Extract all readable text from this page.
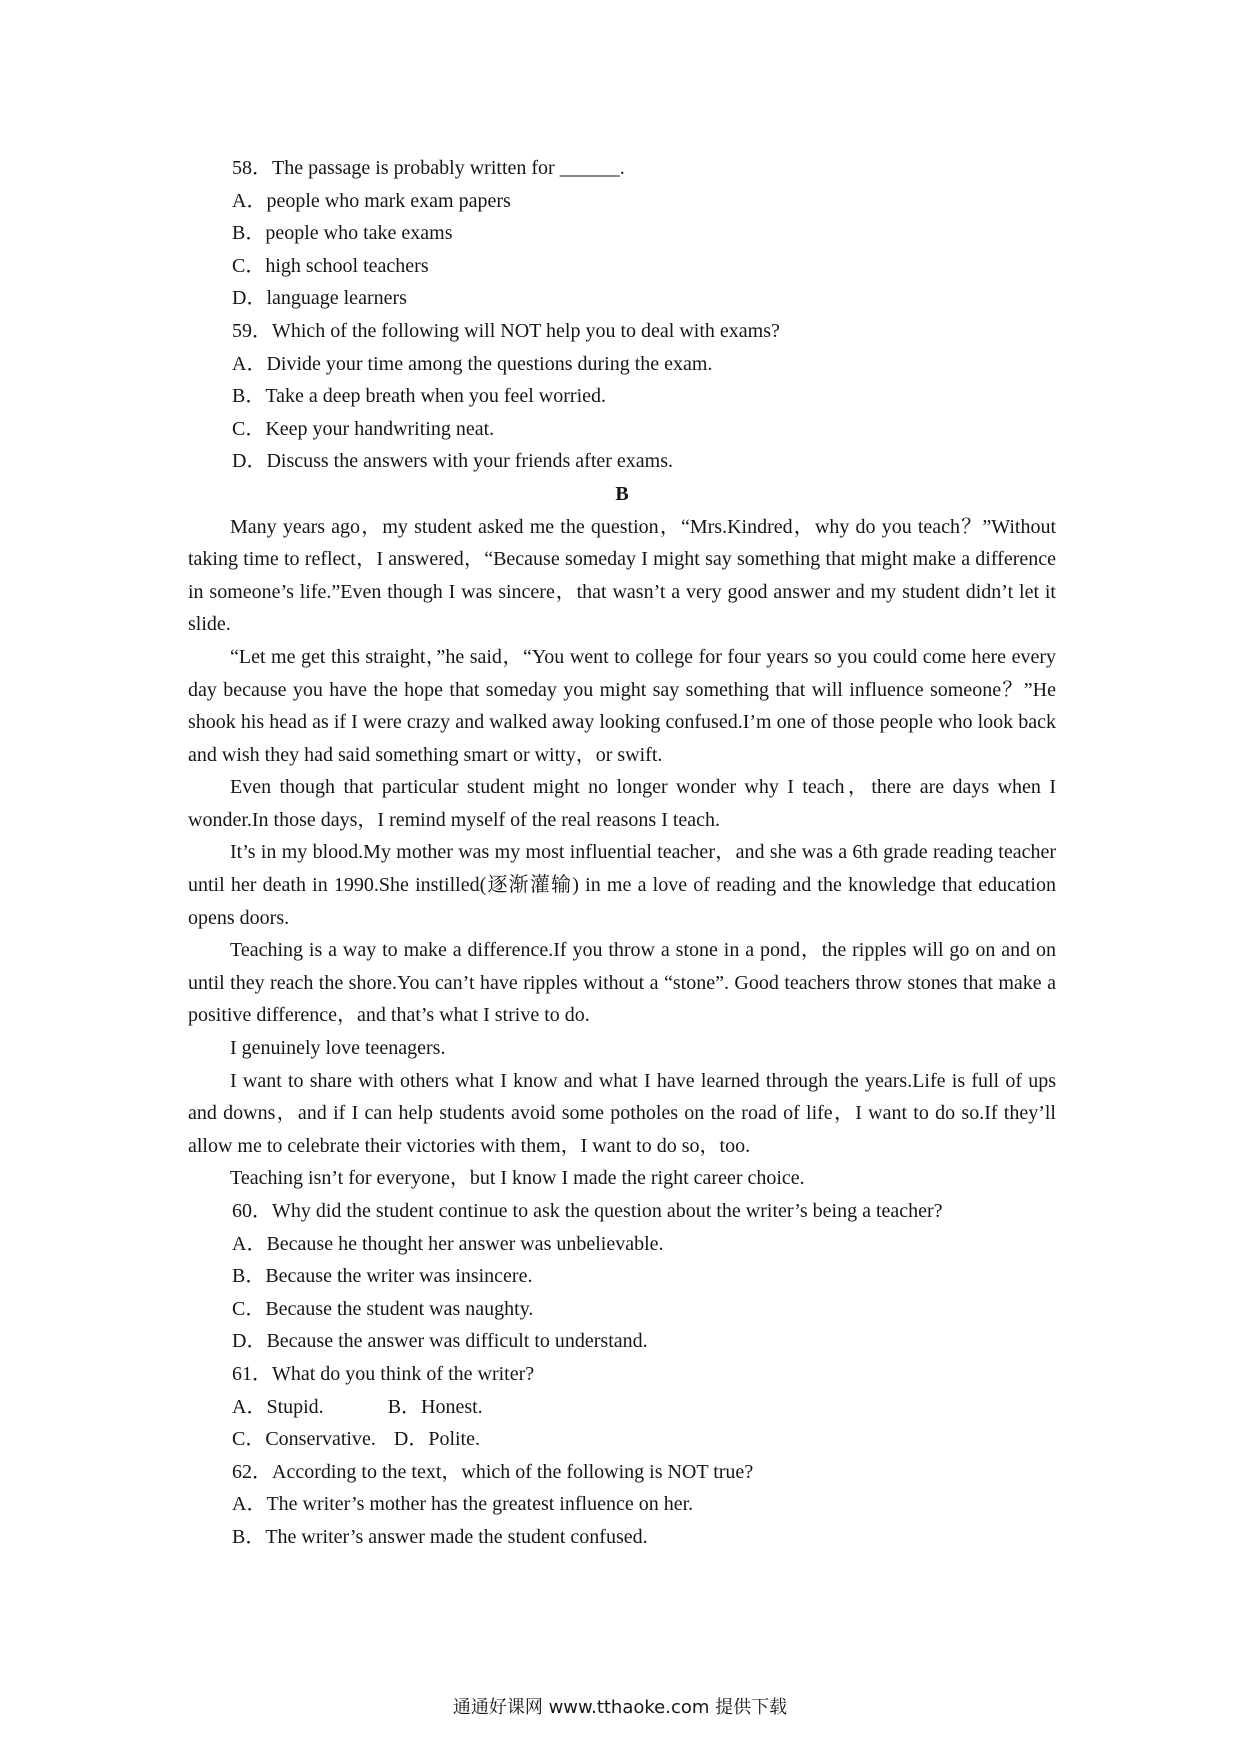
58．The passage is probably written for ______.
A．people who mark exam papers
B．people who take exams
C．high school teachers
D．language learners
59．Which of the following will NOT help you to deal with exams?
A．Divide your time among the questions during the exam.
B．Take a deep breath when you feel worried.
C．Keep your handwriting neat.
D．Discuss the answers with your friends after exams.
B

Many years ago，my student asked me the question，“Mrs.Kindred，why do you teach？”Without taking time to reflect，I answered，“Because someday I might say something that might make a difference in someone’s life.”Even though I was sincere，that wasn’t a very good answer and my student didn’t let it slide.

“Let me get this straight，”he said，“You went to college for four years so you could come here every day because you have the hope that someday you might say something that will influence someone？”He shook his head as if I were crazy and walked away looking confused.I’m one of those people who look back and wish they had said something smart or witty，or swift.

Even though that particular student might no longer wonder why I teach，there are days when I wonder.In those days，I remind myself of the real reasons I teach.

It’s in my blood.My mother was my most influential teacher，and she was a 6th grade reading teacher until her death in 1990.She instilled(逐渐灌输) in me a love of reading and the knowledge that education opens doors.

Teaching is a way to make a difference.If you throw a stone in a pond，the ripples will go on and on until they reach the shore.You can’t have ripples without a “stone”. Good teachers throw stones that make a positive difference，and that’s what I strive to do.

I genuinely love teenagers.

I want to share with others what I know and what I have learned through the years.Life is full of ups and downs，and if I can help students avoid some potholes on the road of life，I want to do so.If they’ll allow me to celebrate their victories with them，I want to do so，too.

Teaching isn’t for everyone，but I know I made the right career choice.

60．Why did the student continue to ask the question about the writer’s being a teacher?
A．Because he thought her answer was unbelievable.
B．Because the writer was insincere.
C．Because the student was naughty.
D．Because the answer was difficult to understand.
61．What do you think of the writer?
A．Stupid.	B．Honest.
C．Conservative. D．Polite.
62．According to the text，which of the following is NOT true?
A．The writer’s mother has the greatest influence on her.
B．The writer’s answer made the student confused.
通通好课网 www.tthaoke.com 提供下载
